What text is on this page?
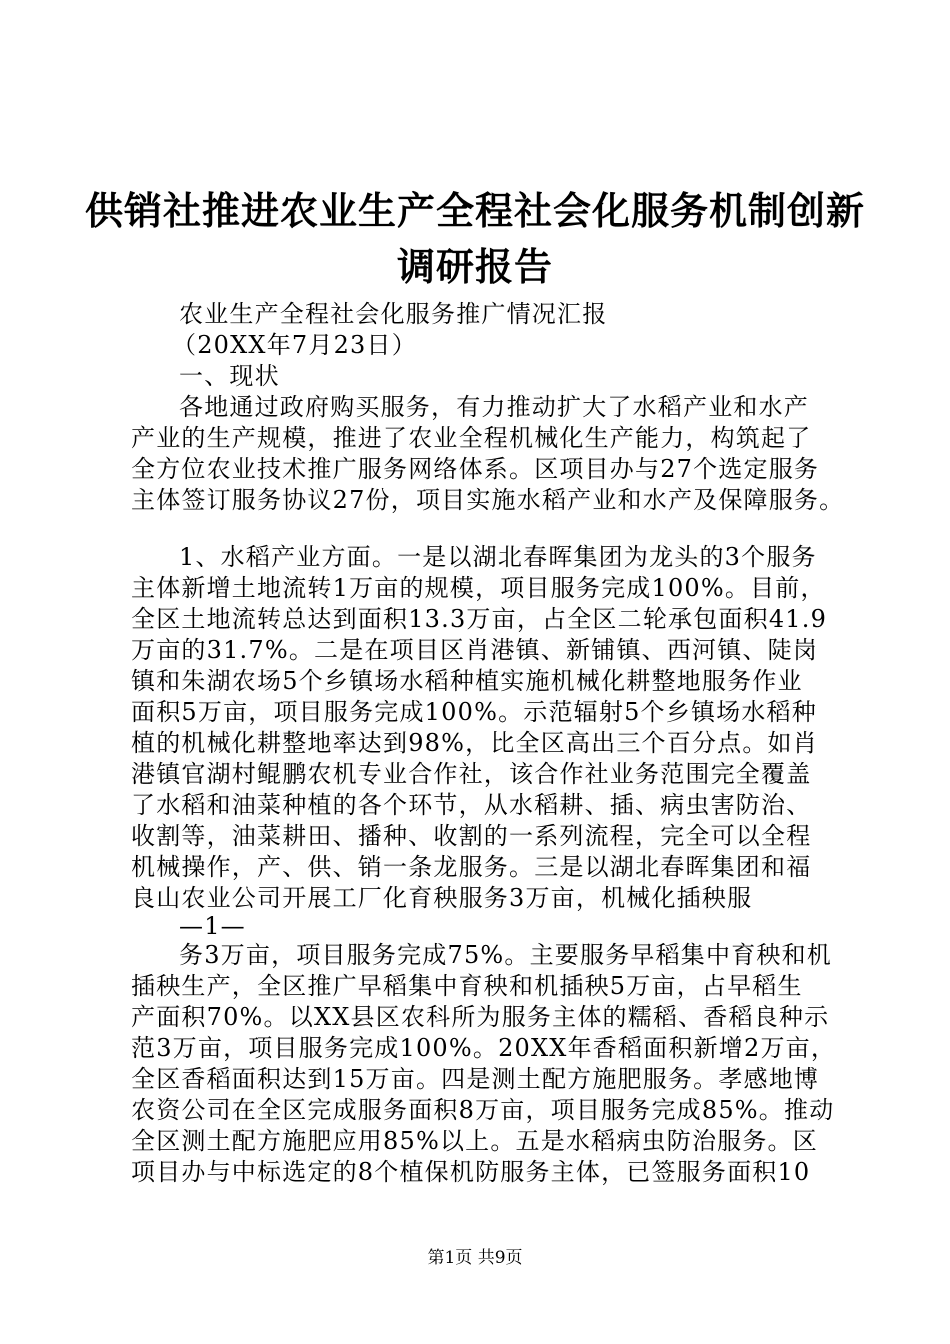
供销社推进农业生产全程社会化服务机制创新
调研报告
农业生产全程社会化服务推广情况汇报
（20XX年7月23日）
一、现状
各地通过政府购买服务，有力推动扩大了水稻产业和水产
产业的生产规模，推进了农业全程机械化生产能力，构筑起了
全方位农业技术推广服务网络体系。区项目办与27个选定服务
主体签订服务协议27份，项目实施水稻产业和水产及保障服务。
1、水稻产业方面。一是以湖北春晖集团为龙头的3个服务
主体新增土地流转1万亩的规模，项目服务完成100%。目前，
全区土地流转总达到面积13.3万亩，占全区二轮承包面积41.9
万亩的31.7%。二是在项目区肖港镇、新铺镇、西河镇、陡岗
镇和朱湖农场5个乡镇场水稻种植实施机械化耕整地服务作业
面积5万亩，项目服务完成100%。示范辐射5个乡镇场水稻种
植的机械化耕整地率达到98%，比全区高出三个百分点。如肖
港镇官湖村鲲鹏农机专业合作社，该合作社业务范围完全覆盖
了水稻和油菜种植的各个环节，从水稻耕、插、病虫害防治、
收割等，油菜耕田、播种、收割的一系列流程，完全可以全程
机械操作，产、供、销一条龙服务。三是以湖北春晖集团和福
良山农业公司开展工厂化育秧服务3万亩，机械化插秧服
—1—
务3万亩，项目服务完成75%。主要服务早稻集中育秧和机
插秧生产，全区推广早稻集中育秧和机插秧5万亩，占早稻生
产面积70%。以XX县区农科所为服务主体的糯稻、香稻良种示
范3万亩，项目服务完成100%。20XX年香稻面积新增2万亩，
全区香稻面积达到15万亩。四是测土配方施肥服务。孝感地博
农资公司在全区完成服务面积8万亩，项目服务完成85%。推动
全区测土配方施肥应用85%以上。五是水稻病虫防治服务。区
项目办与中标选定的8个植保机防服务主体，已签服务面积10
第1页 共9页
